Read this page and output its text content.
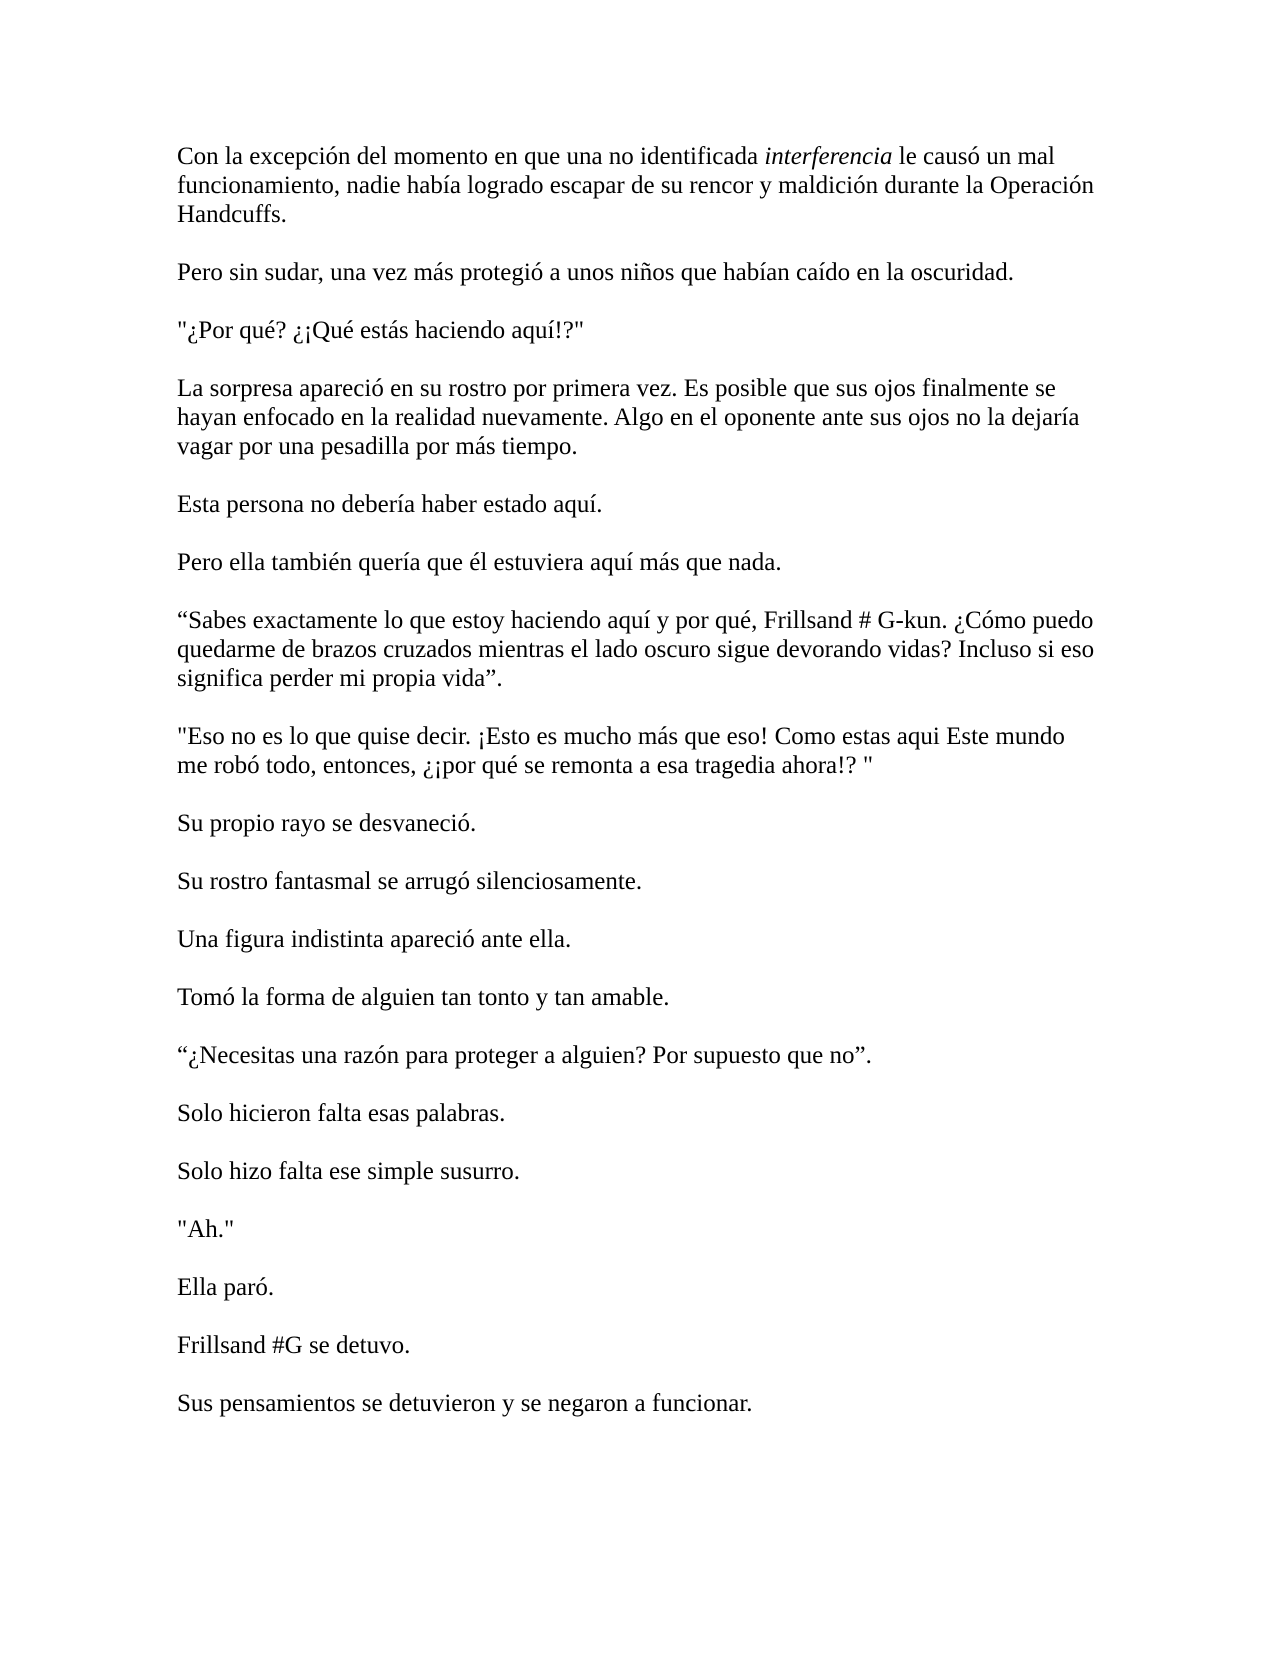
Con la excepción del momento en que una no identificada interferencia le causó un mal
funcionamiento, nadie había logrado escapar de su rencor y maldición durante la Operación
Handcuffs.
Pero sin sudar, una vez más protegió a unos niños que habían caído en la oscuridad.
"¿Por qué? ¿¡Qué estás haciendo aquí!?"
La sorpresa apareció en su rostro por primera vez. Es posible que sus ojos finalmente se
hayan enfocado en la realidad nuevamente. Algo en el oponente ante sus ojos no la dejaría
vagar por una pesadilla por más tiempo.
Esta persona no debería haber estado aquí.
Pero ella también quería que él estuviera aquí más que nada.
“Sabes exactamente lo que estoy haciendo aquí y por qué, Frillsand # G-kun. ¿Cómo puedo
quedarme de brazos cruzados mientras el lado oscuro sigue devorando vidas? Incluso si eso
significa perder mi propia vida”.
"Eso no es lo que quise decir. ¡Esto es mucho más que eso! Como estas aqui Este mundo
me robó todo, entonces, ¿¡por qué se remonta a esa tragedia ahora!? "
Su propio rayo se desvaneció.
Su rostro fantasmal se arrugó silenciosamente.
Una figura indistinta apareció ante ella.
Tomó la forma de alguien tan tonto y tan amable.
“¿Necesitas una razón para proteger a alguien? Por supuesto que no”.
Solo hicieron falta esas palabras.
Solo hizo falta ese simple susurro.
"Ah."
Ella paró.
Frillsand #G se detuvo.
Sus pensamientos se detuvieron y se negaron a funcionar.
